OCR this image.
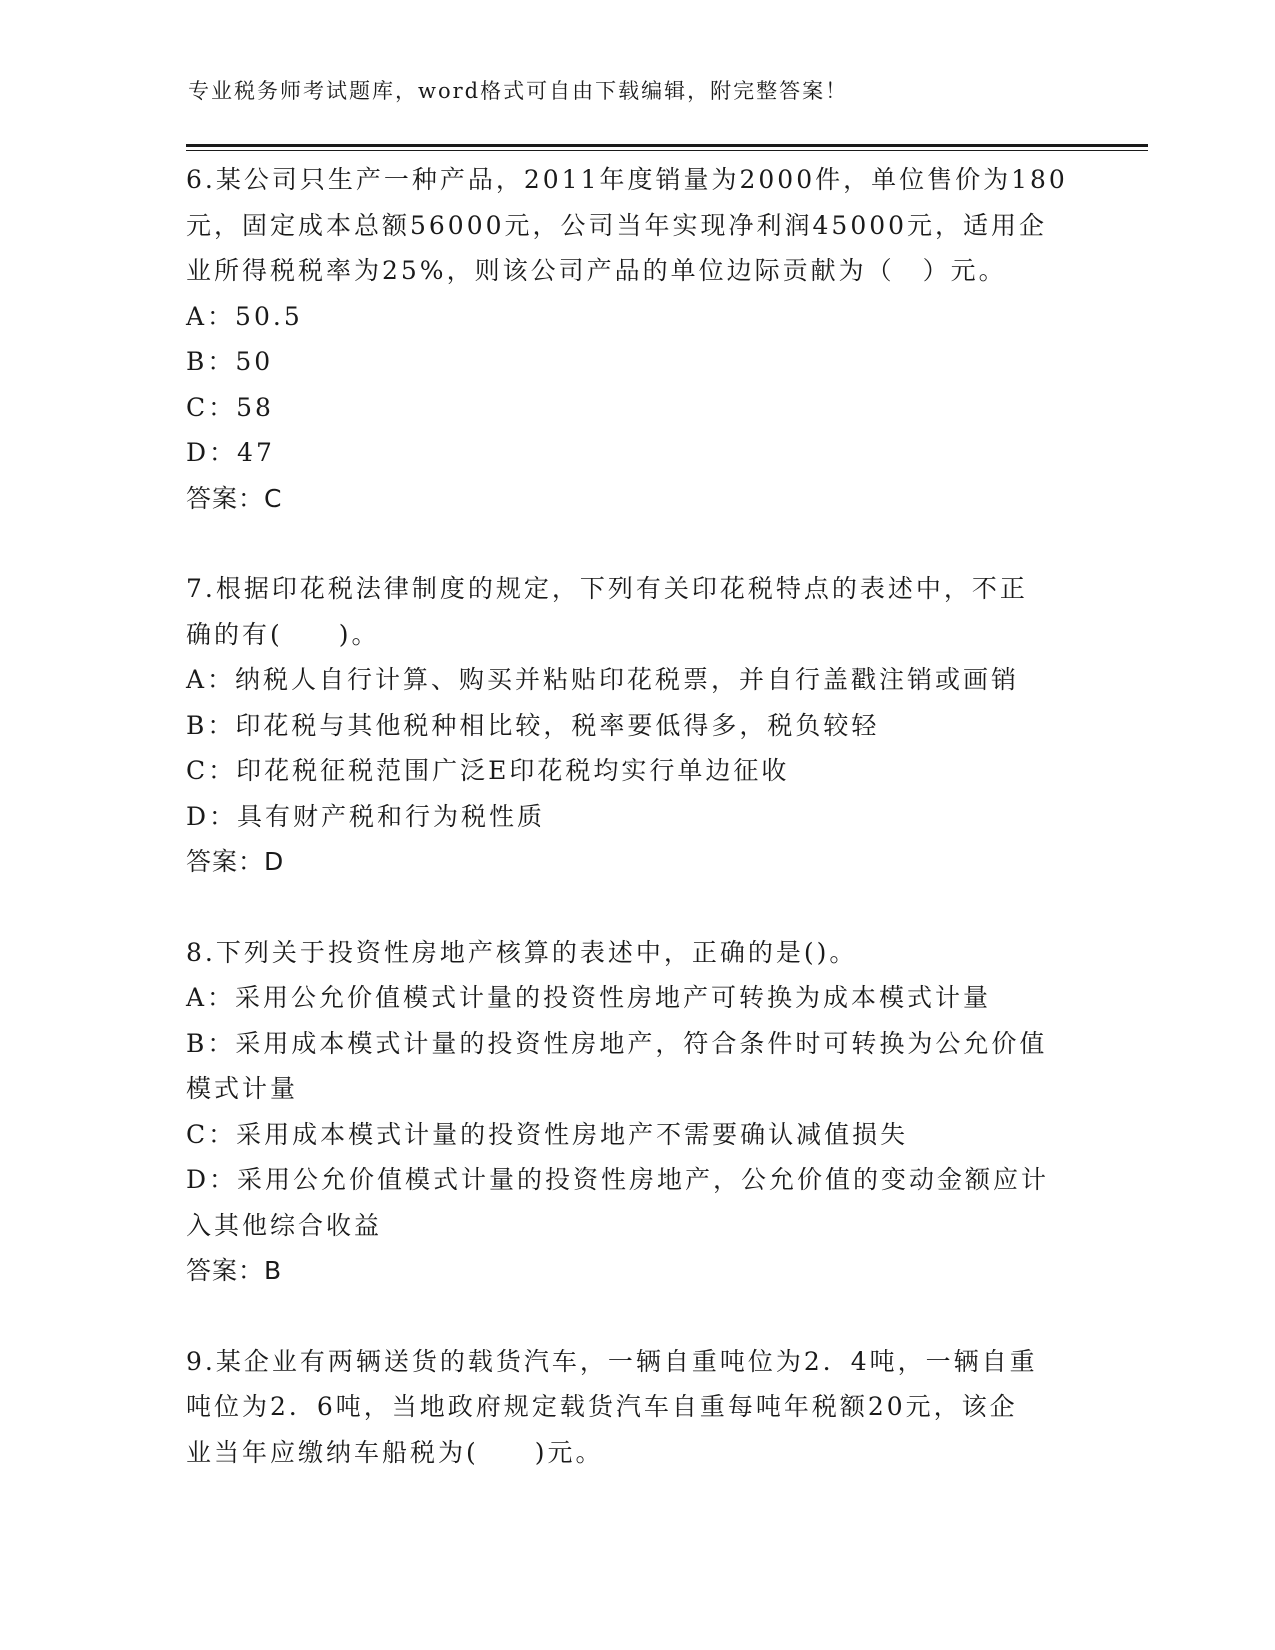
专业税务师考试题库，word格式可自由下载编辑，附完整答案！
6.某公司只生产一种产品，2011年度销量为2000件，单位售价为180
元，固定成本总额56000元，公司当年实现净利润45000元，适用企
业所得税税率为25%，则该公司产品的单位边际贡献为（　）元。
A：50.5
B：50
C：58
D：47
答案：C
7.根据印花税法律制度的规定，下列有关印花税特点的表述中，不正
确的有(　　)。
A：纳税人自行计算、购买并粘贴印花税票，并自行盖戳注销或画销
B：印花税与其他税种相比较，税率要低得多，税负较轻
C：印花税征税范围广泛E印花税均实行单边征收
D：具有财产税和行为税性质
答案：D
8.下列关于投资性房地产核算的表述中，正确的是()。
A：采用公允价值模式计量的投资性房地产可转换为成本模式计量
B：采用成本模式计量的投资性房地产，符合条件时可转换为公允价值
模式计量
C：采用成本模式计量的投资性房地产不需要确认减值损失
D：采用公允价值模式计量的投资性房地产，公允价值的变动金额应计
入其他综合收益
答案：B
9.某企业有两辆送货的载货汽车，一辆自重吨位为2．4吨，一辆自重
吨位为2．6吨，当地政府规定载货汽车自重每吨年税额20元，该企
业当年应缴纳车船税为(　　)元。
